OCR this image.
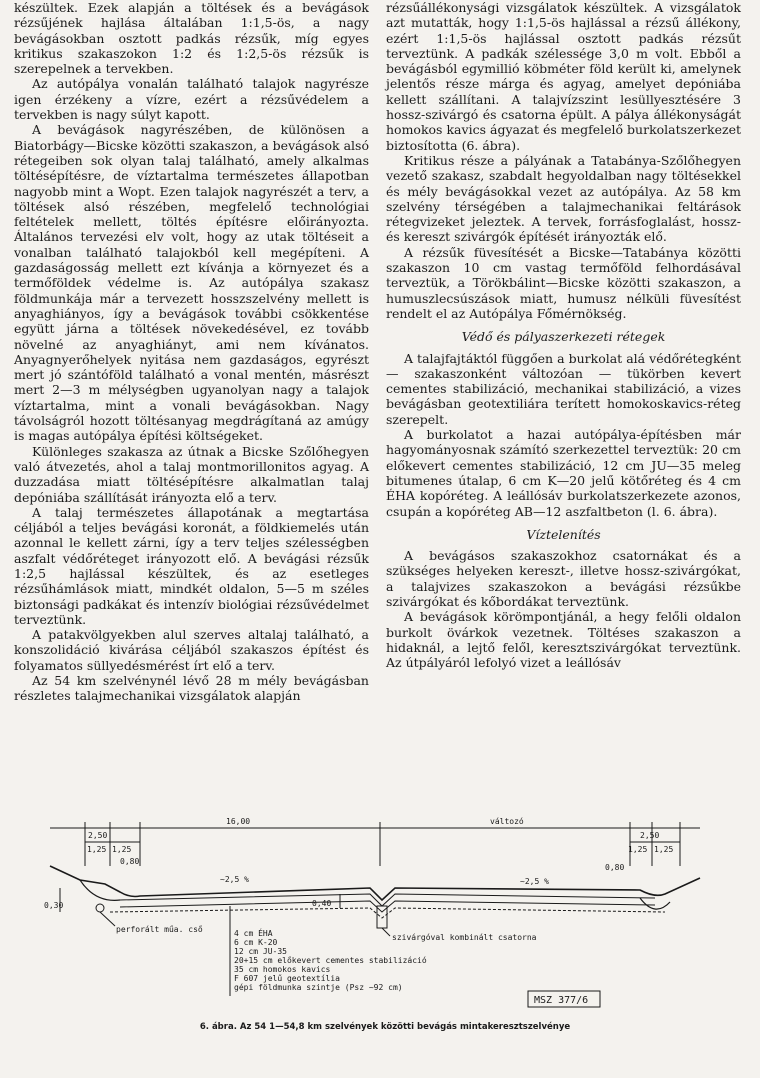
készültek. Ezek alapján a töltések és a bevágások rézsűjének hajlása általában 1:1,5-ös, a nagy bevágásokban osztott padkás rézsűk, míg egyes kritikus szakaszokon 1:2 és 1:2,5-ös rézsűk is szerepelnek a tervekben.

Az autópálya vonalán található talajok nagyrésze igen érzékeny a vízre, ezért a rézsűvédelem a tervekben is nagy súlyt kapott.

A bevágások nagyrészében, de különösen a Biatorbágy—Bicske közötti szakaszon, a bevágások alsó rétegeiben sok olyan talaj található, amely alkalmas töltésépítésre, de víztartalma természetes állapotban nagyobb mint a Wopt. Ezen talajok nagyrészét a terv, a töltések alsó részében, megfelelő technológiai feltételek mellett, töltés építésre előirányozta. Általános tervezési elv volt, hogy az utak töltéseit a vonalban található talajokból kell megépíteni. A gazdaságosság mellett ezt kívánja a környezet és a termőföldek védelme is. Az autópálya szakasz földmunkája már a tervezett hosszszelvény mellett is anyaghiányos, így a bevágások további csökkentése együtt járna a töltések növekedésével, ez tovább növelné az anyaghiányt, ami nem kívánatos. Anyagnyerőhelyek nyitása nem gazdaságos, egyrészt mert jó szántóföld található a vonal mentén, másrészt mert 2—3 m mélységben ugyanolyan nagy a talajok víztartalma, mint a vonali bevágásokban. Nagy távolságról hozott töltésanyag megdrágítaná az amúgy is magas autópálya építési költségeket.

Különleges szakasza az útnak a Bicske Szőlőhegyen való átvezetés, ahol a talaj montmorillonitos agyag. A duzzadása miatt töltésépítésre alkalmatlan talaj depóniába szállítását irányozta elő a terv.

A talaj természetes állapotának a megtartása céljából a teljes bevágási koronát, a földkiemelés után azonnal le kellett zárni, így a terv teljes szélességben aszfalt védőréteget irányozott elő. A bevágási rézsűk 1:2,5 hajlással készültek, és az esetleges rézsűhámlások miatt, mindkét oldalon, 5—5 m széles biztonsági padkákat és intenzív biológiai rézsűvédelmet terveztünk.

A patakvölgyekben alul szerves altalaj található, a konszolidáció kivárása céljából szakaszos építést és folyamatos süllyedésmérést írt elő a terv.

Az 54 km szelvénynél lévő 28 m mély bevágásban részletes talajmechanikai vizsgálatok alapján

rézsűállékonysági vizsgálatok készültek. A vizsgálatok azt mutatták, hogy 1:1,5-ös hajlással a rézsű állékony, ezért 1:1,5-ös hajlással osztott padkás rézsűt terveztünk. A padkák szélessége 3,0 m volt. Ebből a bevágásból egymillió köbméter föld került ki, amelynek jelentős része márga és agyag, amelyet depóniába kellett szállítani. A talajvízszint lesüllyesztésére 3 hossz-szivárgó és csatorna épült. A pálya állékonyságát homokos kavics ágyazat és megfelelő burkolatszerkezet biztosította (6. ábra).

Kritikus része a pályának a Tatabánya-Szőlőhegyen vezető szakasz, szabdalt hegyoldalban nagy töltésekkel és mély bevágásokkal vezet az autópálya. Az 58 km szelvény térségében a talajmechanikai feltárások rétegvizeket jeleztek. A tervek, forrásfoglalást, hossz- és kereszt szivárgók építését irányozták elő.

A rézsűk füvesítését a Bicske—Tatabánya közötti szakaszon 10 cm vastag termőföld felhordásával terveztük, a Törökbálint—Bicske közötti szakaszon, a humuszlecsúszások miatt, humusz nélküli füvesítést rendelt el az Autópálya Főmérnökség.

Védő és pályaszerkezeti rétegek

A talajfajtáktól függően a burkolat alá védőrétegként — szakaszonként változóan — tükörben kevert cementes stabilizáció, mechanikai stabilizáció, a vizes bevágásban geotextiliára terített homokoskavics-réteg szerepelt.

A burkolatot a hazai autópálya-építésben már hagyományosnak számító szerkezettel terveztük: 20 cm előkevert cementes stabilizáció, 12 cm JU—35 meleg bitumenes útalap, 6 cm K—20 jelű kötőréteg és 4 cm ÉHA kopóréteg. A leállósáv burkolatszerkezete azonos, csupán a kopóréteg AB—12 aszfaltbeton (l. 6. ábra).

Víztelenítés

A bevágásos szakaszokhoz csatornákat és a szükséges helyeken kereszt-, illetve hossz-szivárgókat, a talajvizes szakaszokon a bevágási rézsűkbe szivárgókat és kőbordákat terveztünk.

A bevágások körömpontjánál, a hegy felőli oldalon burkolt övárkok vezetnek. Töltéses szakaszon a hidaknál, a lejtő felől, keresztszivárgókat terveztünk. Az útpályáról lefolyó vizet a leállósáv

2,50
1,25 1,25
0,80
16,00	változó
2,50
1,25 1,25
0,80
~2,5 %	~2,5 %
0,30	0,40
perforált műa. cső
szivárgóval kombinált csatorna
4 cm ÉHA
6 cm K-20
12 cm JU-35
20+15 cm előkevert cementes stabilizáció
35 cm homokos kavics
F 607 jelű geotextília
gépi földmunka szintje (Psz ~92 cm)
MSZ 377/6
6. ábra. Az 54 1—54,8 km szelvények közötti bevágás mintakeresztszelvénye
